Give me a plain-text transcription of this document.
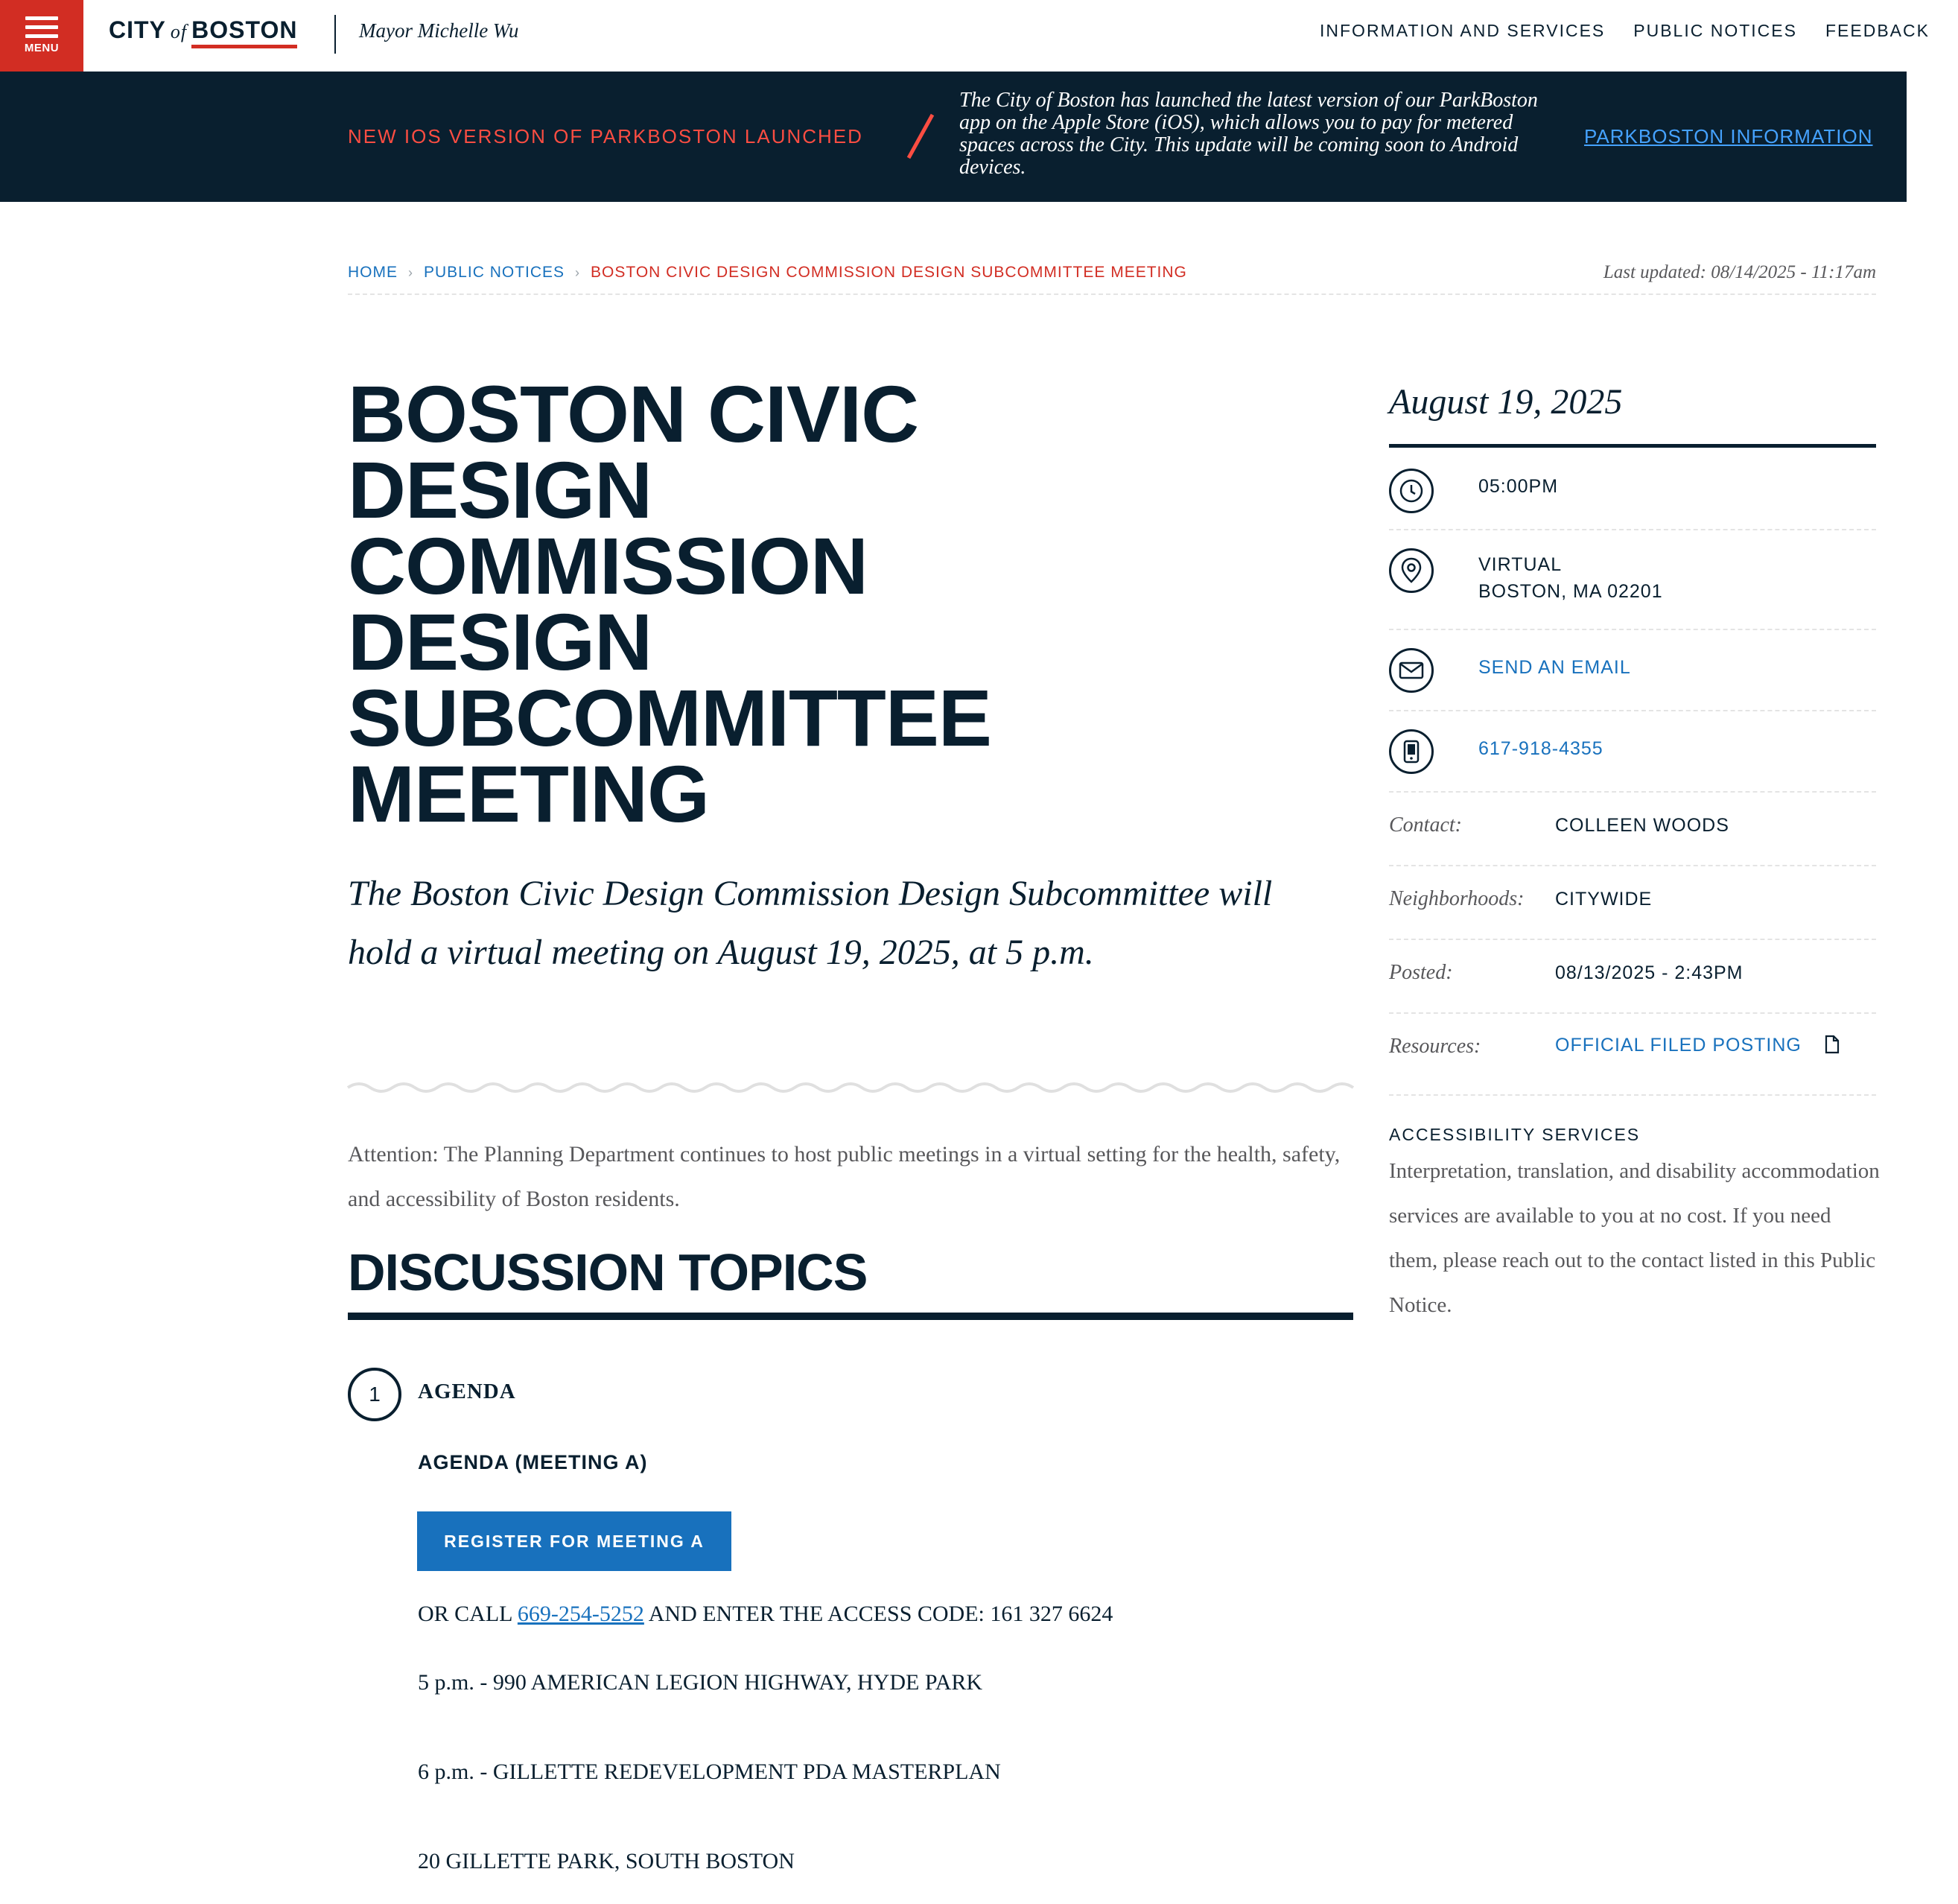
MENU
CITY of BOSTON	Mayor Michelle Wu	INFORMATION AND SERVICES PUBLIC NOTICES FEEDBACK
NEW IOS VERSION OF PARKBOSTON LAUNCHED
The City of Boston has launched the latest version of our ParkBoston app on the Apple Store (iOS), which allows you to pay for metered spaces across the City. This update will be coming soon to Android devices.
PARKBOSTON INFORMATION
HOME › PUBLIC NOTICES › BOSTON CIVIC DESIGN COMMISSION DESIGN SUBCOMMITTEE MEETING	Last updated: 08/14/2025 - 11:17am
BOSTON CIVIC DESIGN COMMISSION DESIGN SUBCOMMITTEE MEETING
The Boston Civic Design Commission Design Subcommittee will hold a virtual meeting on August 19, 2025, at 5 p.m.
Attention: The Planning Department continues to host public meetings in a virtual setting for the health, safety, and accessibility of Boston residents.
DISCUSSION TOPICS
1	AGENDA
AGENDA (MEETING A)
REGISTER FOR MEETING A
OR CALL 669-254-5252 AND ENTER THE ACCESS CODE: 161 327 6624
5 p.m. - 990 AMERICAN LEGION HIGHWAY, HYDE PARK
6 p.m. - GILLETTE REDEVELOPMENT PDA MASTERPLAN
20 GILLETTE PARK, SOUTH BOSTON
August 19, 2025
05:00PM
VIRTUAL
BOSTON, MA 02201
SEND AN EMAIL
617-918-4355
Contact:	COLLEEN WOODS
Neighborhoods: CITYWIDE
Posted:	08/13/2025 - 2:43PM
Resources:	OFFICIAL FILED POSTING
ACCESSIBILITY SERVICES
Interpretation, translation, and disability accommodation services are available to you at no cost. If you need them, please reach out to the contact listed in this Public Notice.
